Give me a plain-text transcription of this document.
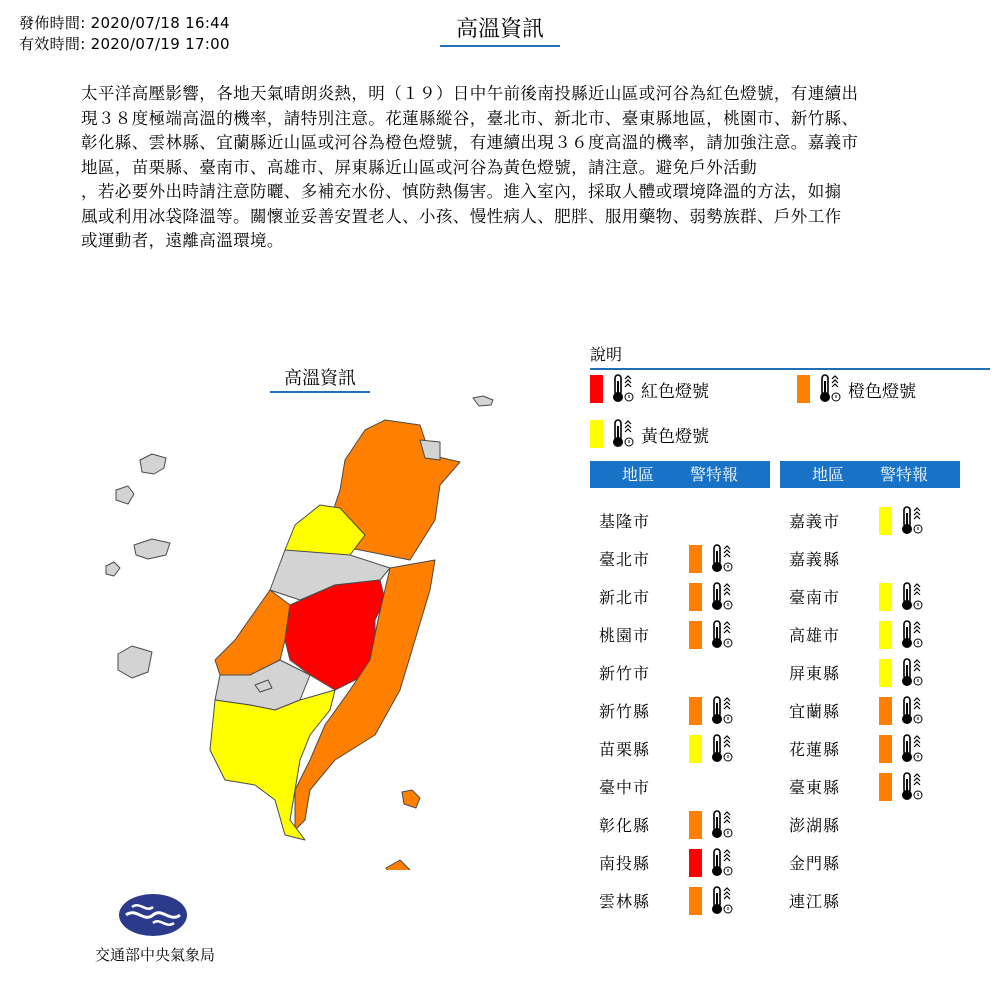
發佈時間: 2020/07/18 16:44
有效時間: 2020/07/19 17:00
高溫資訊
太平洋高壓影響，各地天氣晴朗炎熱，明（１９）日中午前後南投縣近山區或河谷為紅色燈號，有連續出
現３８度極端高溫的機率，請特別注意。花蓮縣縱谷，臺北市、新北市、臺東縣地區，桃園市、新竹縣、
彰化縣、雲林縣、宜蘭縣近山區或河谷為橙色燈號，有連續出現３６度高溫的機率，請加強注意。嘉義市
地區，苗栗縣、臺南市、高雄市、屏東縣近山區或河谷為黃色燈號，請注意。避免戶外活動
，若必要外出時請注意防曬、多補充水份、慎防熱傷害。進入室內，採取人體或環境降溫的方法，如搧
風或利用冰袋降溫等。關懷並妥善安置老人、小孩、慢性病人、肥胖、服用藥物、弱勢族群、戶外工作
或運動者，遠離高溫環境。
高溫資訊
說明
紅色燈號	橙色燈號
黃色燈號
地區 警特報	地區 警特報
基隆市
臺北市
新北市
桃園市
新竹市
新竹縣
苗栗縣
臺中市
彰化縣
南投縣
雲林縣
嘉義市
嘉義縣
臺南市
高雄市
屏東縣
宜蘭縣
花蓮縣
臺東縣
澎湖縣
金門縣
連江縣
交通部中央氣象局
